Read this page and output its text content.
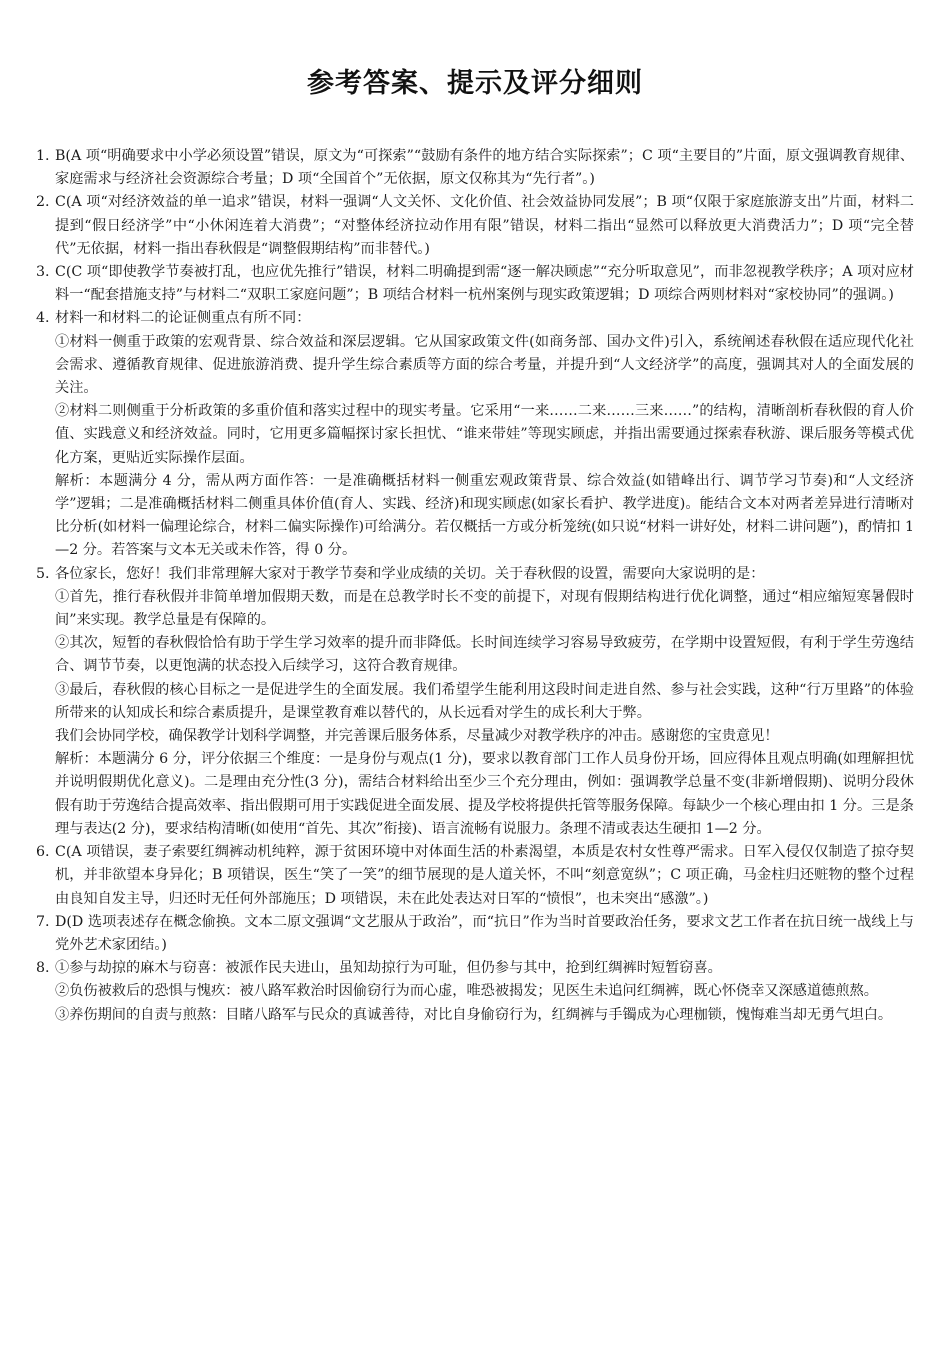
参考答案、提示及评分细则
1. B(A 项“明确要求中小学必须设置”错误，原文为“可探索”“鼓励有条件的地方结合实际探索”；C 项“主要目的”片面，原文强调教育规律、家庭需求与经济社会资源综合考量；D 项“全国首个”无依据，原文仅称其为“先行者”。)

2. C(A 项“对经济效益的单一追求”错误，材料一强调“人文关怀、文化价值、社会效益协同发展”；B 项“仅限于家庭旅游支出”片面，材料二提到“假日经济学”中“小休闲连着大消费”；“对整体经济拉动作用有限”错误，材料二指出“显然可以释放更大消费活力”；D 项“完全替代”无依据，材料一指出春秋假是“调整假期结构”而非替代。)

3. C(C 项“即使教学节奏被打乱，也应优先推行”错误，材料二明确提到需“逐一解决顾虑”“充分听取意见”，而非忽视教学秩序；A 项对应材料一“配套措施支持”与材料二“双职工家庭问题”；B 项结合材料一杭州案例与现实政策逻辑；D 项综合两则材料对“家校协同”的强调。)

4. 材料一和材料二的论证侧重点有所不同：

①材料一侧重于政策的宏观背景、综合效益和深层逻辑。它从国家政策文件(如商务部、国办文件)引入，系统阐述春秋假在适应现代化社会需求、遵循教育规律、促进旅游消费、提升学生综合素质等方面的综合考量，并提升到“人文经济学”的高度，强调其对人的全面发展的关注。

②材料二则侧重于分析政策的多重价值和落实过程中的现实考量。它采用“一来……二来……三来……”的结构，清晰剖析春秋假的育人价值、实践意义和经济效益。同时，它用更多篇幅探讨家长担忧、“谁来带娃”等现实顾虑，并指出需要通过探索春秋游、课后服务等模式优化方案，更贴近实际操作层面。

解析：本题满分 4 分，需从两方面作答：一是准确概括材料一侧重宏观政策背景、综合效益(如错峰出行、调节学习节奏)和“人文经济学”逻辑；二是准确概括材料二侧重具体价值(育人、实践、经济)和现实顾虑(如家长看护、教学进度)。能结合文本对两者差异进行清晰对比分析(如材料一偏理论综合，材料二偏实际操作)可给满分。若仅概括一方或分析笼统(如只说“材料一讲好处，材料二讲问题”)，酌情扣 1—2 分。若答案与文本无关或未作答，得 0 分。

5. 各位家长，您好！我们非常理解大家对于教学节奏和学业成绩的关切。关于春秋假的设置，需要向大家说明的是：

①首先，推行春秋假并非简单增加假期天数，而是在总教学时长不变的前提下，对现有假期结构进行优化调整，通过“相应缩短寒暑假时间”来实现。教学总量是有保障的。

②其次，短暂的春秋假恰恰有助于学生学习效率的提升而非降低。长时间连续学习容易导致疲劳，在学期中设置短假，有利于学生劳逸结合、调节节奏，以更饱满的状态投入后续学习，这符合教育规律。

③最后，春秋假的核心目标之一是促进学生的全面发展。我们希望学生能利用这段时间走进自然、参与社会实践，这种“行万里路”的体验所带来的认知成长和综合素质提升，是课堂教育难以替代的，从长远看对学生的成长利大于弊。

我们会协同学校，确保教学计划科学调整，并完善课后服务体系，尽量减少对教学秩序的冲击。感谢您的宝贵意见！

解析：本题满分 6 分，评分依据三个维度：一是身份与观点(1 分)，要求以教育部门工作人员身份开场，回应得体且观点明确(如理解担忧并说明假期优化意义)。二是理由充分性(3 分)，需结合材料给出至少三个充分理由，例如：强调教学总量不变(非新增假期)、说明分段休假有助于劳逸结合提高效率、指出假期可用于实践促进全面发展、提及学校将提供托管等服务保障。每缺少一个核心理由扣 1 分。三是条理与表达(2 分)，要求结构清晰(如使用“首先、其次”衔接)、语言流畅有说服力。条理不清或表达生硬扣 1—2 分。

6. C(A 项错误，妻子索要红绸裤动机纯粹，源于贫困环境中对体面生活的朴素渴望，本质是农村女性尊严需求。日军入侵仅仅制造了掠夺契机，并非欲望本身异化；B 项错误，医生“笑了一笑”的细节展现的是人道关怀，不叫“刻意宽纵”；C 项正确，马金柱归还赃物的整个过程由良知自发主导，归还时无任何外部施压；D 项错误，未在此处表达对日军的“愤恨”，也未突出“感激”。)

7. D(D 选项表述存在概念偷换。文本二原文强调“文艺服从于政治”，而“抗日”作为当时首要政治任务，要求文艺工作者在抗日统一战线上与党外艺术家团结。)

8. ①参与劫掠的麻木与窃喜：被派作民夫进山，虽知劫掠行为可耻，但仍参与其中，抢到红绸裤时短暂窃喜。

②负伤被救后的恐惧与愧疚：被八路军救治时因偷窃行为而心虚，唯恐被揭发；见医生未追问红绸裤，既心怀侥幸又深感道德煎熬。

③养伤期间的自责与煎熬：目睹八路军与民众的真诚善待，对比自身偷窃行为，红绸裤与手镯成为心理枷锁，愧悔难当却无勇气坦白。
